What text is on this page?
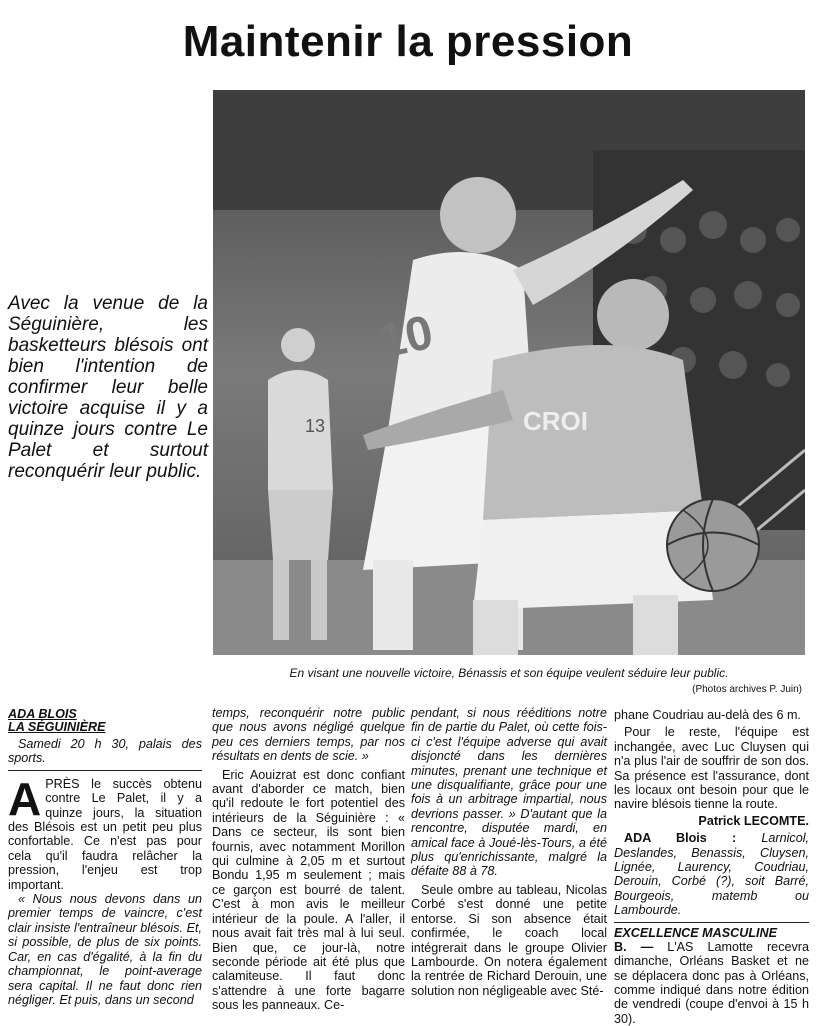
Maintenir la pression
13
10
CROI

Avec la venue de la Séguinière, les basketteurs blésois ont bien l'intention de confirmer leur belle victoire acquise il y a quinze jours contre Le Palet et surtout reconquérir leur public.

En visant une nouvelle victoire, Bénassis et son équipe veulent séduire leur public.

(Photos archives P. Juin)

ADA BLOIS
LA SÉGUINIÈRE

Samedi 20 h 30, palais des sports.

APRÈS le succès obtenu contre Le Palet, il y a quinze jours, la situation des Blésois est un petit peu plus confortable. Ce n'est pas pour cela qu'il faudra relâcher la pression, l'enjeu est trop important.

« Nous nous devons dans un premier temps de vaincre, c'est clair insiste l'entraîneur blésois. Et, si possible, de plus de six points. Car, en cas d'égalité, à la fin du championnat, le point-average sera capital. Il ne faut donc rien négliger. Et puis, dans un second

temps, reconquérir notre public que nous avons négligé quelque peu ces derniers temps, par nos résultats en dents de scie. »

Eric Aouizrat est donc confiant avant d'aborder ce match, bien qu'il redoute le fort potentiel des intérieurs de la Séguinière : « Dans ce secteur, ils sont bien fournis, avec notamment Morillon qui culmine à 2,05 m et surtout Bondu 1,95 m seulement ; mais ce garçon est bourré de talent. C'est à mon avis le meilleur intérieur de la poule. A l'aller, il nous avait fait très mal à lui seul. Bien que, ce jour-là, notre seconde période ait été plus que calamiteuse. Il faut donc s'attendre à une forte bagarre sous les panneaux. Ce-

pendant, si nous rééditions notre fin de partie du Palet, où cette fois-ci c'est l'équipe adverse qui avait disjoncté dans les dernières minutes, prenant une technique et une disqualifiante, grâce pour une fois à un arbitrage impartial, nous devrions passer. » D'autant que la rencontre, disputée mardi, en amical face à Joué-lès-Tours, a été plus qu'enrichissante, malgré la défaite 88 à 78.

Seule ombre au tableau, Nicolas Corbé s'est donné une petite entorse. Si son absence était confirmée, le coach local intégrerait dans le groupe Olivier Lambourde. On notera également la rentrée de Richard Derouin, une solution non négligeable avec Sté-

phane Coudriau au-delà des 6 m.

Pour le reste, l'équipe est inchangée, avec Luc Cluysen qui n'a plus l'air de souffrir de son dos. Sa présence est l'assurance, dont les locaux ont besoin pour que le navire blésois tienne la route.

Patrick LECOMTE.

ADA Blois : Larnicol, Deslandes, Benassis, Cluysen, Lignée, Laurency, Coudriau, Derouin, Corbé (?), soit Barré, Bourgeois, matemb ou Lambourde.

EXCELLENCE MASCULINE

B. — L'AS Lamotte recevra dimanche, Orléans Basket et ne se déplacera donc pas à Orléans, comme indiqué dans notre édition de vendredi (coupe d'envoi à 15 h 30).
